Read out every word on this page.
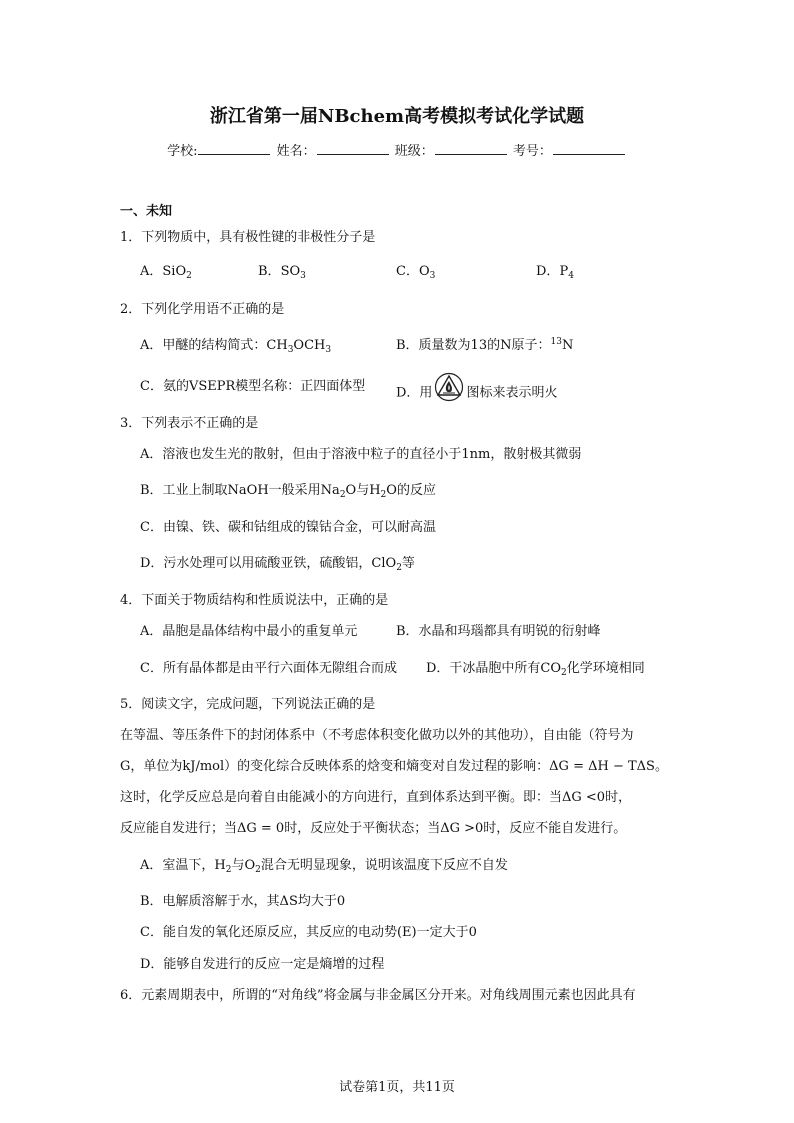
浙江省第一届NBchem高考模拟考试化学试题
学校:	姓名：	班级：	考号：
一、未知
1．下列物质中，具有极性键的非极性分子是
A．SiO$_2$	B．$SO_3$	C．$O_3$	D．$P_4$
2．下列化学用语不正确的是
A．甲醚的结构简式：$CH_3OCH_3$	B．质量数为13的N原子：$^{13}$N
C．氨的VSEPR模型名称：正四面体型 D．用	图标来表示明火
3．下列表示不正确的是
A．溶液也发生光的散射，但由于溶液中粒子的直径小于1nm，散射极其微弱
B．工业上制取NaOH一般采用$Na_2O$与$H_2O$的反应
C．由镍、铁、碳和钴组成的镍钴合金，可以耐高温
D．污水处理可以用硫酸亚铁，硫酸铝，ClO$_2$等
4．下面关于物质结构和性质说法中，正确的是
A．晶胞是晶体结构中最小的重复单元	B．水晶和玛瑙都具有明锐的衍射峰
C．所有晶体都是由平行六面体无隙组合而成 D．干冰晶胞中所有$CO_2$化学环境相同
5．阅读文字，完成问题，下列说法正确的是
在等温、等压条件下的封闭体系中（不考虑体积变化做功以外的其他功），自由能（符号为
G，单位为kJ/mol）的变化综合反映体系的焓变和熵变对自发过程的影响：ΔG = ΔH − TΔS。
这时，化学反应总是向着自由能减小的方向进行，直到体系达到平衡。即：当ΔG <0时，
反应能自发进行；当ΔG = 0时，反应处于平衡状态；当ΔG >0时，反应不能自发进行。
A．室温下，$H_2$与$O_2$混合无明显现象，说明该温度下反应不自发
B．电解质溶解于水，其ΔS均大于0
C．能自发的氧化还原反应，其反应的电动势(E)一定大于0
D．能够自发进行的反应一定是熵增的过程
6．元素周期表中，所谓的“对角线”将金属与非金属区分开来。对角线周围元素也因此具有
试卷第1页，共11页
